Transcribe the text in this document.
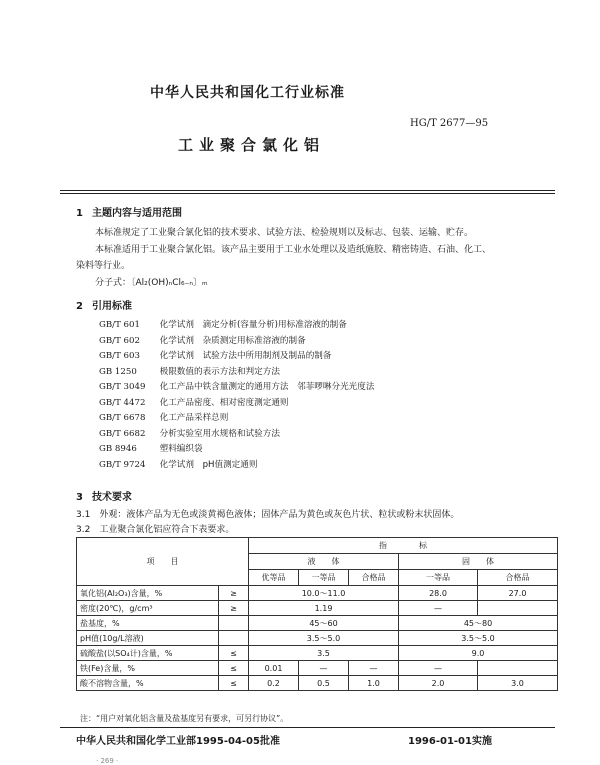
中华人民共和国化工行业标准
HG/T 2677—95
工业聚合氯化铝
1 主题内容与适用范围
本标准规定了工业聚合氯化铝的技术要求、试验方法、检验规则以及标志、包装、运输、贮存。
本标准适用于工业聚合氯化铝。该产品主要用于工业水处理以及造纸施胶、精密铸造、石油、化工、
染料等行业。
分子式：〔Al₂(OH)ₙCl₆₋ₙ〕ₘ
2 引用标准
GB/T 601　 化学试剂　滴定分析(容量分析)用标准溶液的制备
GB/T 602　 化学试剂　杂质测定用标准溶液的制备
GB/T 603　 化学试剂　试验方法中所用制剂及制品的制备
GB 1250　	极限数值的表示方法和判定方法
GB/T 3049　 化工产品中铁含量测定的通用方法　邻菲啰啉分光光度法
GB/T 4472　 化工产品密度、相对密度测定通则
GB/T 6678　 化工产品采样总则
GB/T 6682　 分析实验室用水规格和试验方法
GB 8946　	塑料编织袋
GB/T 9724　 化学试剂　pH值测定通则
3 技术要求
3.1　外观：液体产品为无色或淡黄褐色液体；固体产品为黄色或灰色片状、粒状或粉末状固体。
3.2　工业聚合氯化铝应符合下表要求。
项　　目		指　　　　标				
		液　　体			固　　体	
		优等品	一等品	合格品	一等品	合格品
氧化铝(Al₂O₃)含量，%	≥	10.0～11.0			28.0	27.0
密度(20℃)，g/cm³	≥	1.19			—	
盐基度，%		45～60			45～80	
pH值(10g/L溶液)		3.5～5.0			3.5～5.0	
硫酸盐(以SO₄计)含量，%	≤	3.5			9.0	
铁(Fe)含量，%	≤	0.01	—	—	—	
酸不溶物含量，%	≤	0.2	0.5	1.0	2.0	3.0
注：“用户对氧化铝含量及盐基度另有要求，可另行协议”。
中华人民共和国化学工业部1995-04-05批准	1996-01-01实施
· 269 ·
